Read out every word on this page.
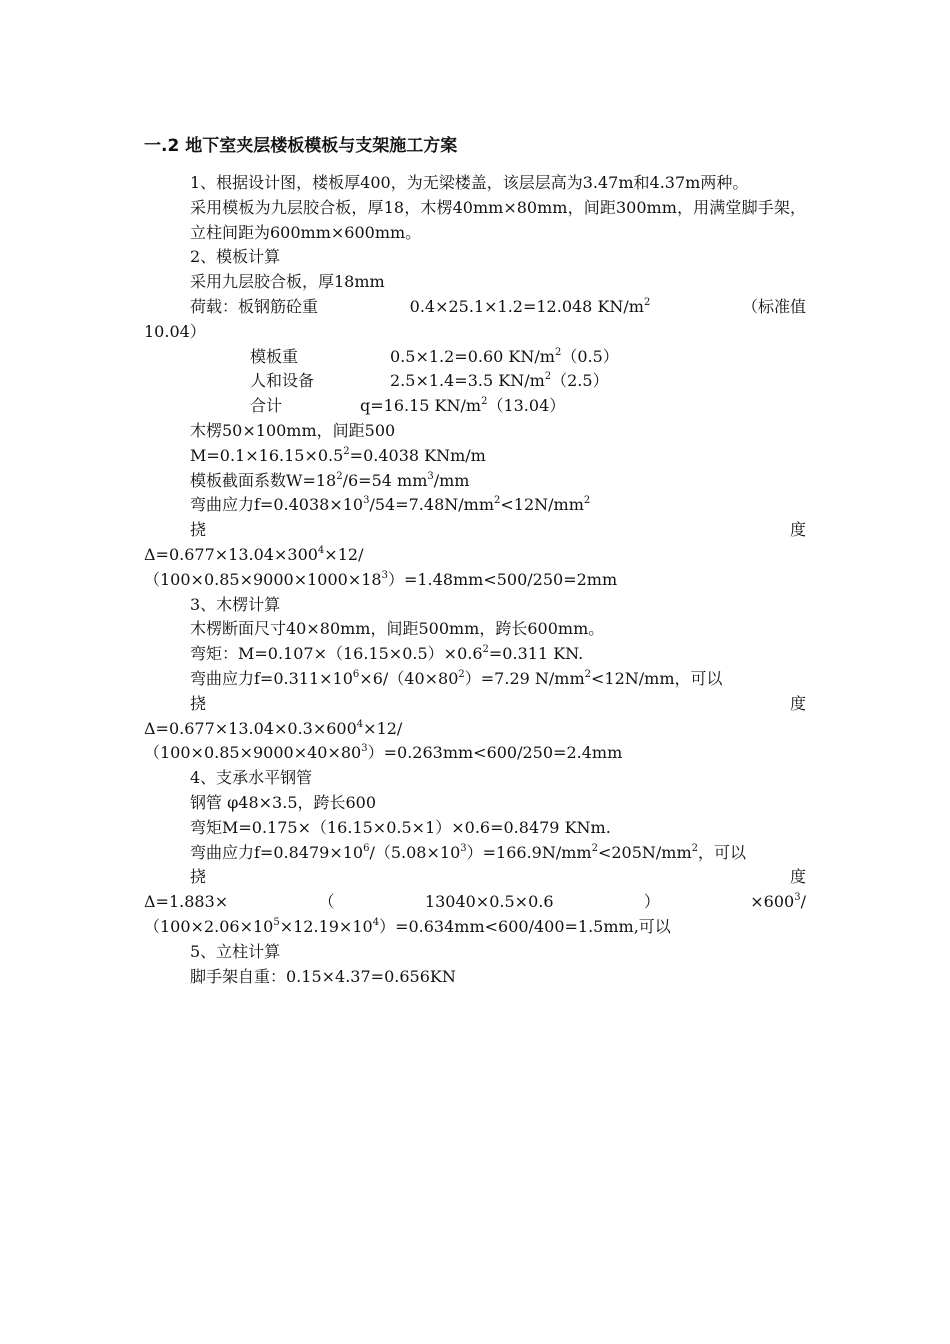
一.2 地下室夹层楼板模板与支架施工方案

1、根据设计图，楼板厚400，为无梁楼盖，该层层高为3.47m和4.37m两种。

采用模板为九层胶合板，厚18，木楞40mm×80mm，间距300mm，用满堂脚手架，立柱间距为600mm×600mm。

2、模板计算

采用九层胶合板，厚18mm

荷载：板钢筋砼重	0.4×25.1×1.2=12.048 $KN/m^2$	（标准值

10.04）

模板重	0.5×1.2=0.60 $KN/m^2(0.5)$

人和设备	2.5×1.4=3.5 $KN/m^2(2.5)$

合计	q=16.15 $KN/m^2(13.04)$

木楞50×100mm，间距500

$M=0.1\times 16.15\times 0.5^2=0.4038$ KNm/m

模板截面系数$W=18^2/6=54$ $mm^3/mm$

弯曲应力$f=0.4038\times 10^3/54=7.48N/mm^2<12N/mm^2$

挠	度

$\Delta=0.677\times 13.04\times 300^4\times 12/$

$(100\times 0.85\times 9000\times 1000\times 18^3)=1.48mm<500/250=2mm$

3、木楞计算

木楞断面尺寸40×80mm，间距500mm，跨长600mm。

弯矩：$M=0.107\times(16.15\times 0.5)\times 0.6^2=0.311$ KN.

弯曲应力$f=0.311\times 10^6\times 6/(40\times 80^2)=7.29$ $N/mm^2<12N/mm$，可以

挠	度

$\Delta=0.677\times 13.04\times 0.3\times 600^4\times 12/$

$(100\times 0.85\times 9000\times 40\times 80^3)=0.263mm<600/250=2.4mm$

4、支承水平钢管

钢管 φ48×3.5，跨长600

弯矩M=0.175×（16.15×0.5×1）×0.6=0.8479 KNm.

弯曲应力$f=0.8479\times 10^6/(5.08\times 10^3)=166.9N/mm^2<205N/mm^2$，可以

挠	度

Δ=1.883×	（	13040×0.5×0.6	）	$\times 600^3/$

$(100\times 2.06\times 10^5\times 12.19\times 10^4)=0.634mm<600/400=1.5mm$,可以

5、立柱计算

脚手架自重：0.15×4.37=0.656KN
